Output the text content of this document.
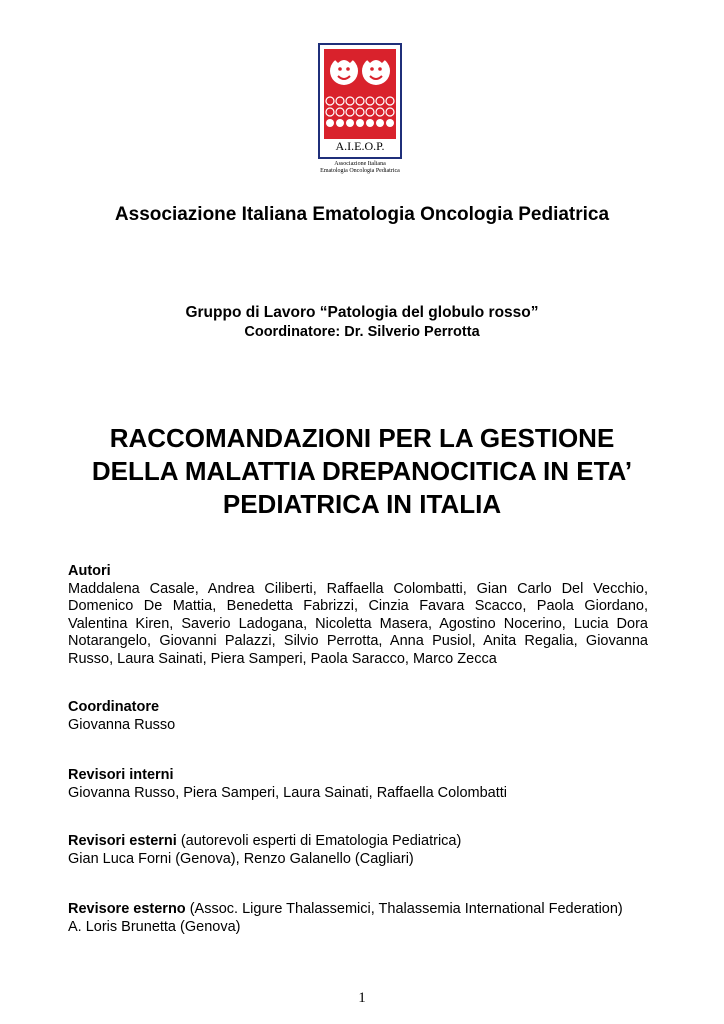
A.I.E.O.P.
Associazione Italiana
Ematologia Oncologia Pediatrica
Associazione Italiana Ematologia Oncologia Pediatrica
Gruppo di Lavoro “Patologia del globulo rosso”
Coordinatore: Dr. Silverio Perrotta
RACCOMANDAZIONI PER LA GESTIONE
DELLA MALATTIA DREPANOCITICA IN ETA’
PEDIATRICA IN ITALIA
Autori
Maddalena Casale, Andrea Ciliberti, Raffaella Colombatti, Gian Carlo Del Vecchio, Domenico De Mattia, Benedetta Fabrizzi, Cinzia Favara Scacco, Paola Giordano, Valentina Kiren, Saverio Ladogana, Nicoletta Masera, Agostino Nocerino, Lucia Dora Notarangelo, Giovanni Palazzi, Silvio Perrotta, Anna Pusiol, Anita Regalia, Giovanna Russo, Laura Sainati, Piera Samperi, Paola Saracco, Marco Zecca
Coordinatore
Giovanna Russo
Revisori interni
Giovanna Russo, Piera Samperi, Laura Sainati, Raffaella Colombatti
Revisori esterni (autorevoli esperti di Ematologia Pediatrica)
Gian Luca Forni (Genova), Renzo Galanello (Cagliari)
Revisore esterno (Assoc. Ligure Thalassemici, Thalassemia International Federation)
A. Loris Brunetta (Genova)
1
